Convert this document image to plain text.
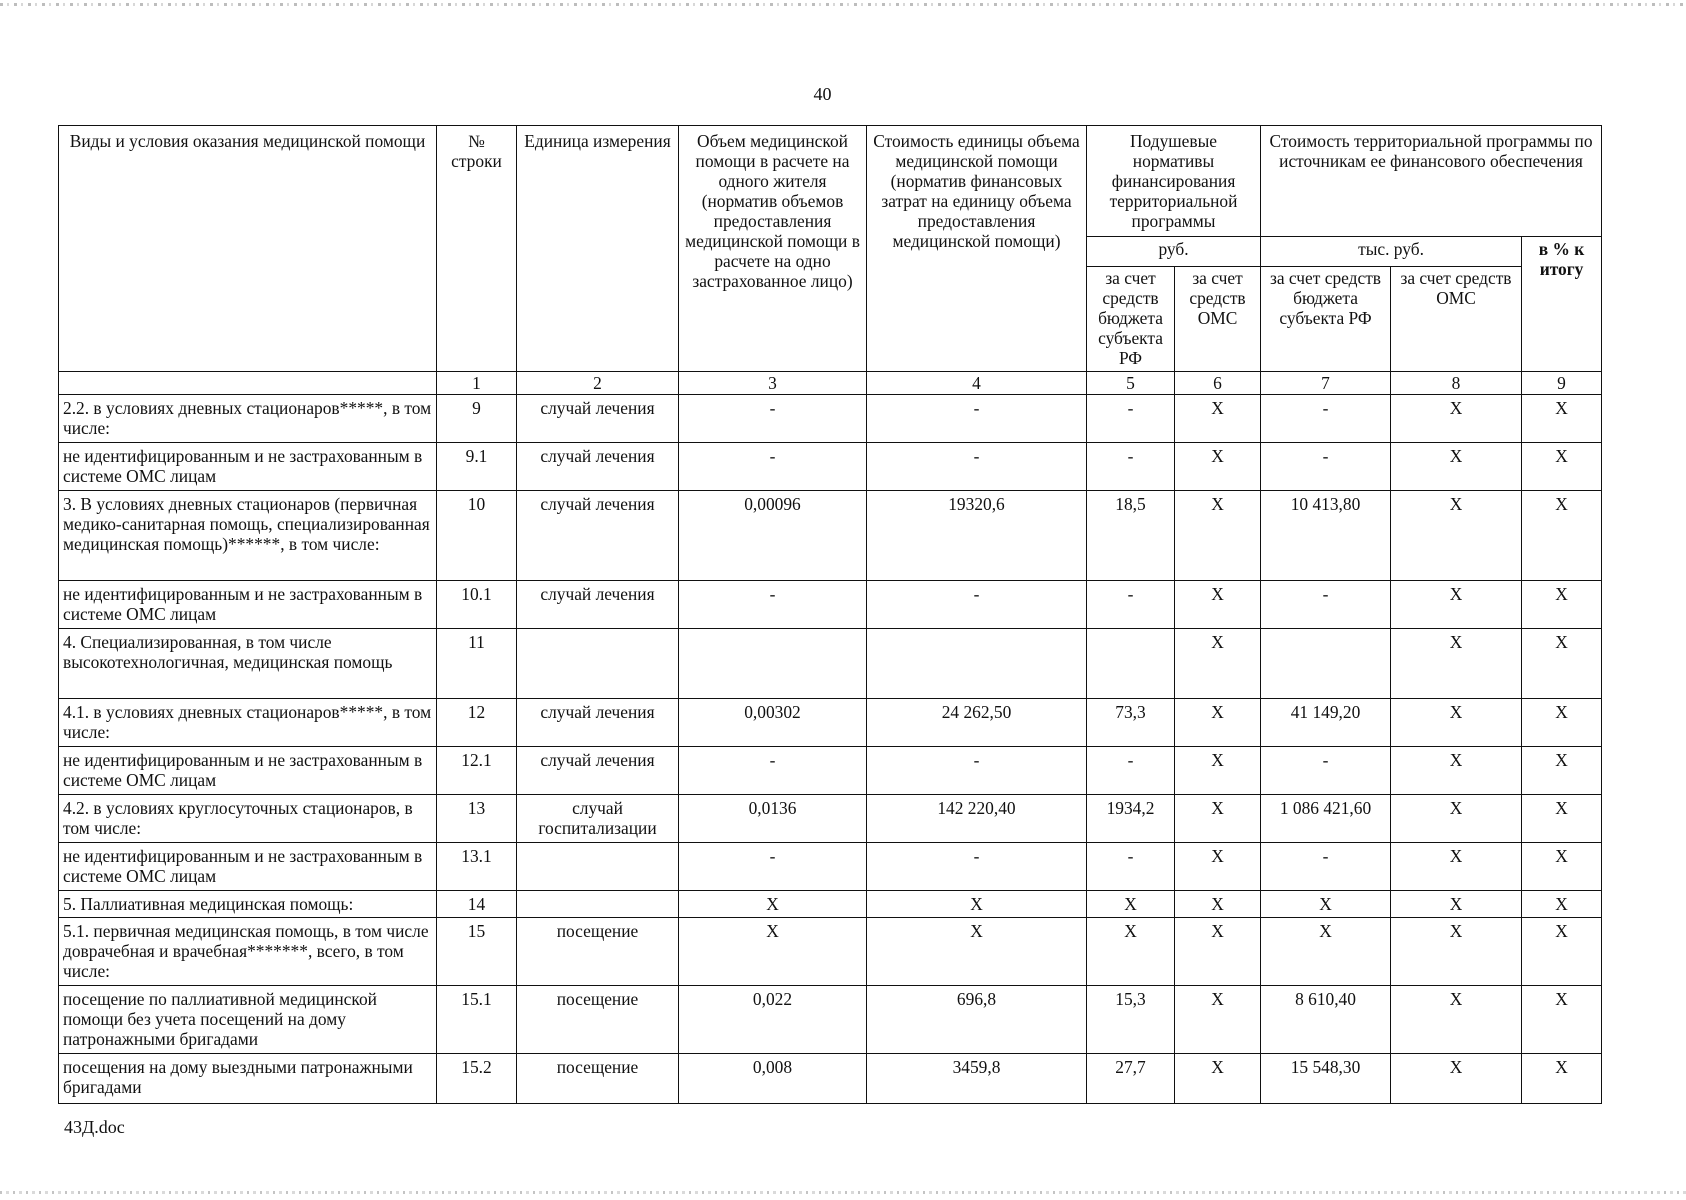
40
Виды и условия оказания медицинской помощи	№ строки	Единица измерения	Объем медицинской помощи в расчете на одного жителя (норматив объемов предоставления медицинской помощи в расчете на одно застрахованное лицо)	Стоимость единицы объема медицинской помощи (норматив финансовых затрат на единицу объема предоставления медицинской помощи)	Подушевые нормативы финансирования территориальной программы		Стоимость территориальной программы по источникам ее финансового обеспечения		
					руб.		тыс. руб.		в % к итогу
					за счет средств бюджета субъекта РФ	за счет средств ОМС	за счет средств бюджета субъекта РФ	за счет средств ОМС	
	1	2	3	4	5	6	7	8	9
2.2. в условиях дневных стационаров*****, в том числе:	9	случай лечения	-	-	-	X	-	X	X
не идентифицированным и не застрахованным в системе ОМС лицам	9.1	случай лечения	-	-	-	X	-	X	X
3. В условиях дневных стационаров (первичная медико-санитарная помощь, специализированная медицинская помощь)******, в том числе:	10	случай лечения	0,00096	19320,6	18,5	X	10 413,80	X	X
не идентифицированным и не застрахованным в системе ОМС лицам	10.1	случай лечения	-	-	-	X	-	X	X
4. Специализированная, в том числе высокотехнологичная, медицинская помощь	11					X		X	X
4.1. в условиях дневных стационаров*****, в том числе:	12	случай лечения	0,00302	24 262,50	73,3	X	41 149,20	X	X
не идентифицированным и не застрахованным в системе ОМС лицам	12.1	случай лечения	-	-	-	X	-	X	X
4.2. в условиях круглосуточных стационаров, в том числе:	13	случай госпитализации	0,0136	142 220,40	1934,2	X	1 086 421,60	X	X
не идентифицированным и не застрахованным в системе ОМС лицам	13.1		-	-	-	X	-	X	X
5. Паллиативная медицинская помощь:	14		X	X	X	X	X	X	X
5.1. первичная медицинская помощь, в том числе доврачебная и врачебная*******, всего, в том числе:	15	посещение	X	X	X	X	X	X	X
посещение по паллиативной медицинской помощи без учета посещений на дому патронажными бригадами	15.1	посещение	0,022	696,8	15,3	X	8 610,40	X	X
посещения на дому выездными патронажными бригадами	15.2	посещение	0,008	3459,8	27,7	X	15 548,30	X	X
43Д.doc
